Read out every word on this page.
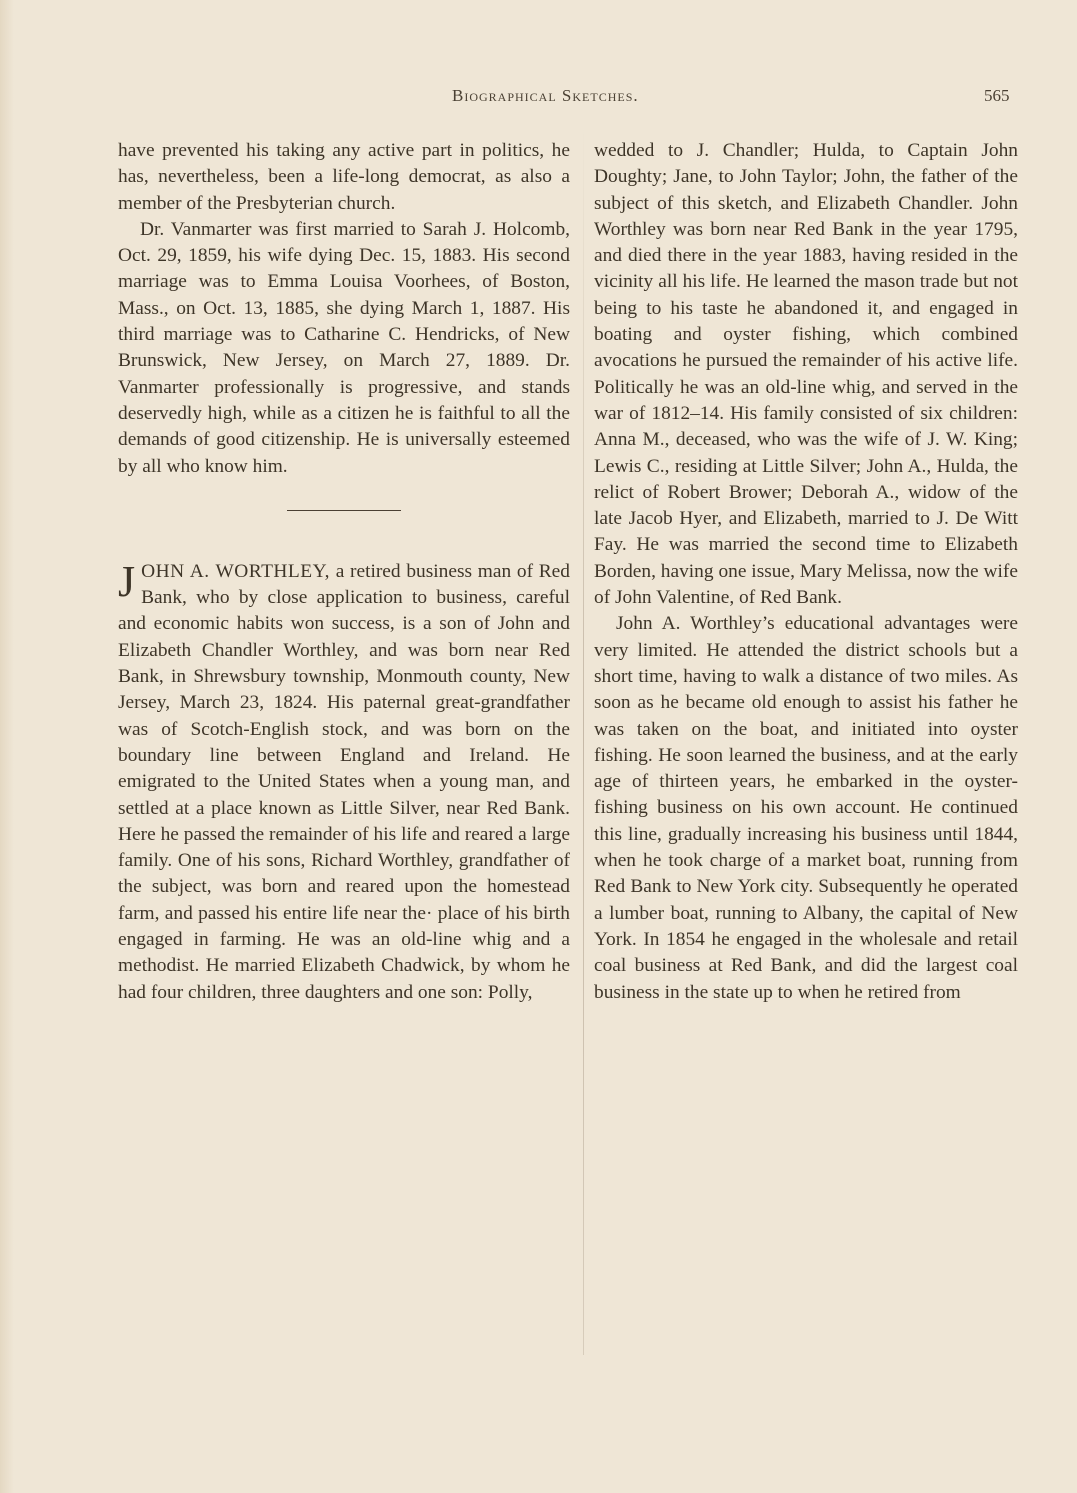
Biographical Sketches.	565

have prevented his taking any active part in politics, he has, nevertheless, been a life-long democrat, as also a member of the Presbyterian church.

Dr. Vanmarter was first married to Sarah J. Holcomb, Oct. 29, 1859, his wife dying Dec. 15, 1883. His second marriage was to Emma Louisa Voorhees, of Boston, Mass., on Oct. 13, 1885, she dying March 1, 1887. His third marriage was to Catharine C. Hendricks, of New Brunswick, New Jersey, on March 27, 1889. Dr. Vanmarter professionally is progressive, and stands deservedly high, while as a citizen he is faithful to all the demands of good citizenship. He is universally esteemed by all who know him.

JOHN A. WORTHLEY, a retired business man of Red Bank, who by close application to business, careful and economic habits won success, is a son of John and Elizabeth Chandler Worthley, and was born near Red Bank, in Shrewsbury township, Monmouth county, New Jersey, March 23, 1824. His paternal great-grandfather was of Scotch-English stock, and was born on the boundary line between England and Ireland. He emigrated to the United States when a young man, and settled at a place known as Little Silver, near Red Bank. Here he passed the remainder of his life and reared a large family. One of his sons, Richard Worthley, grandfather of the subject, was born and reared upon the homestead farm, and passed his entire life near the· place of his birth engaged in farming. He was an old-line whig and a methodist. He married Elizabeth Chadwick, by whom he had four children, three daughters and one son: Polly,

wedded to J. Chandler; Hulda, to Captain John Doughty; Jane, to John Taylor; John, the father of the subject of this sketch, and Elizabeth Chandler. John Worthley was born near Red Bank in the year 1795, and died there in the year 1883, having resided in the vicinity all his life. He learned the mason trade but not being to his taste he abandoned it, and engaged in boating and oyster fishing, which combined avocations he pursued the remainder of his active life. Politically he was an old-line whig, and served in the war of 1812–14. His family consisted of six children: Anna M., deceased, who was the wife of J. W. King; Lewis C., residing at Little Silver; John A., Hulda, the relict of Robert Brower; Deborah A., widow of the late Jacob Hyer, and Elizabeth, married to J. De Witt Fay. He was married the second time to Elizabeth Borden, having one issue, Mary Melissa, now the wife of John Valentine, of Red Bank.

John A. Worthley’s educational advantages were very limited. He attended the district schools but a short time, having to walk a distance of two miles. As soon as he became old enough to assist his father he was taken on the boat, and initiated into oyster fishing. He soon learned the business, and at the early age of thirteen years, he embarked in the oyster-fishing business on his own account. He continued this line, gradually increasing his business until 1844, when he took charge of a market boat, running from Red Bank to New York city. Subsequently he operated a lumber boat, running to Albany, the capital of New York. In 1854 he engaged in the wholesale and retail coal business at Red Bank, and did the largest coal business in the state up to when he retired from
